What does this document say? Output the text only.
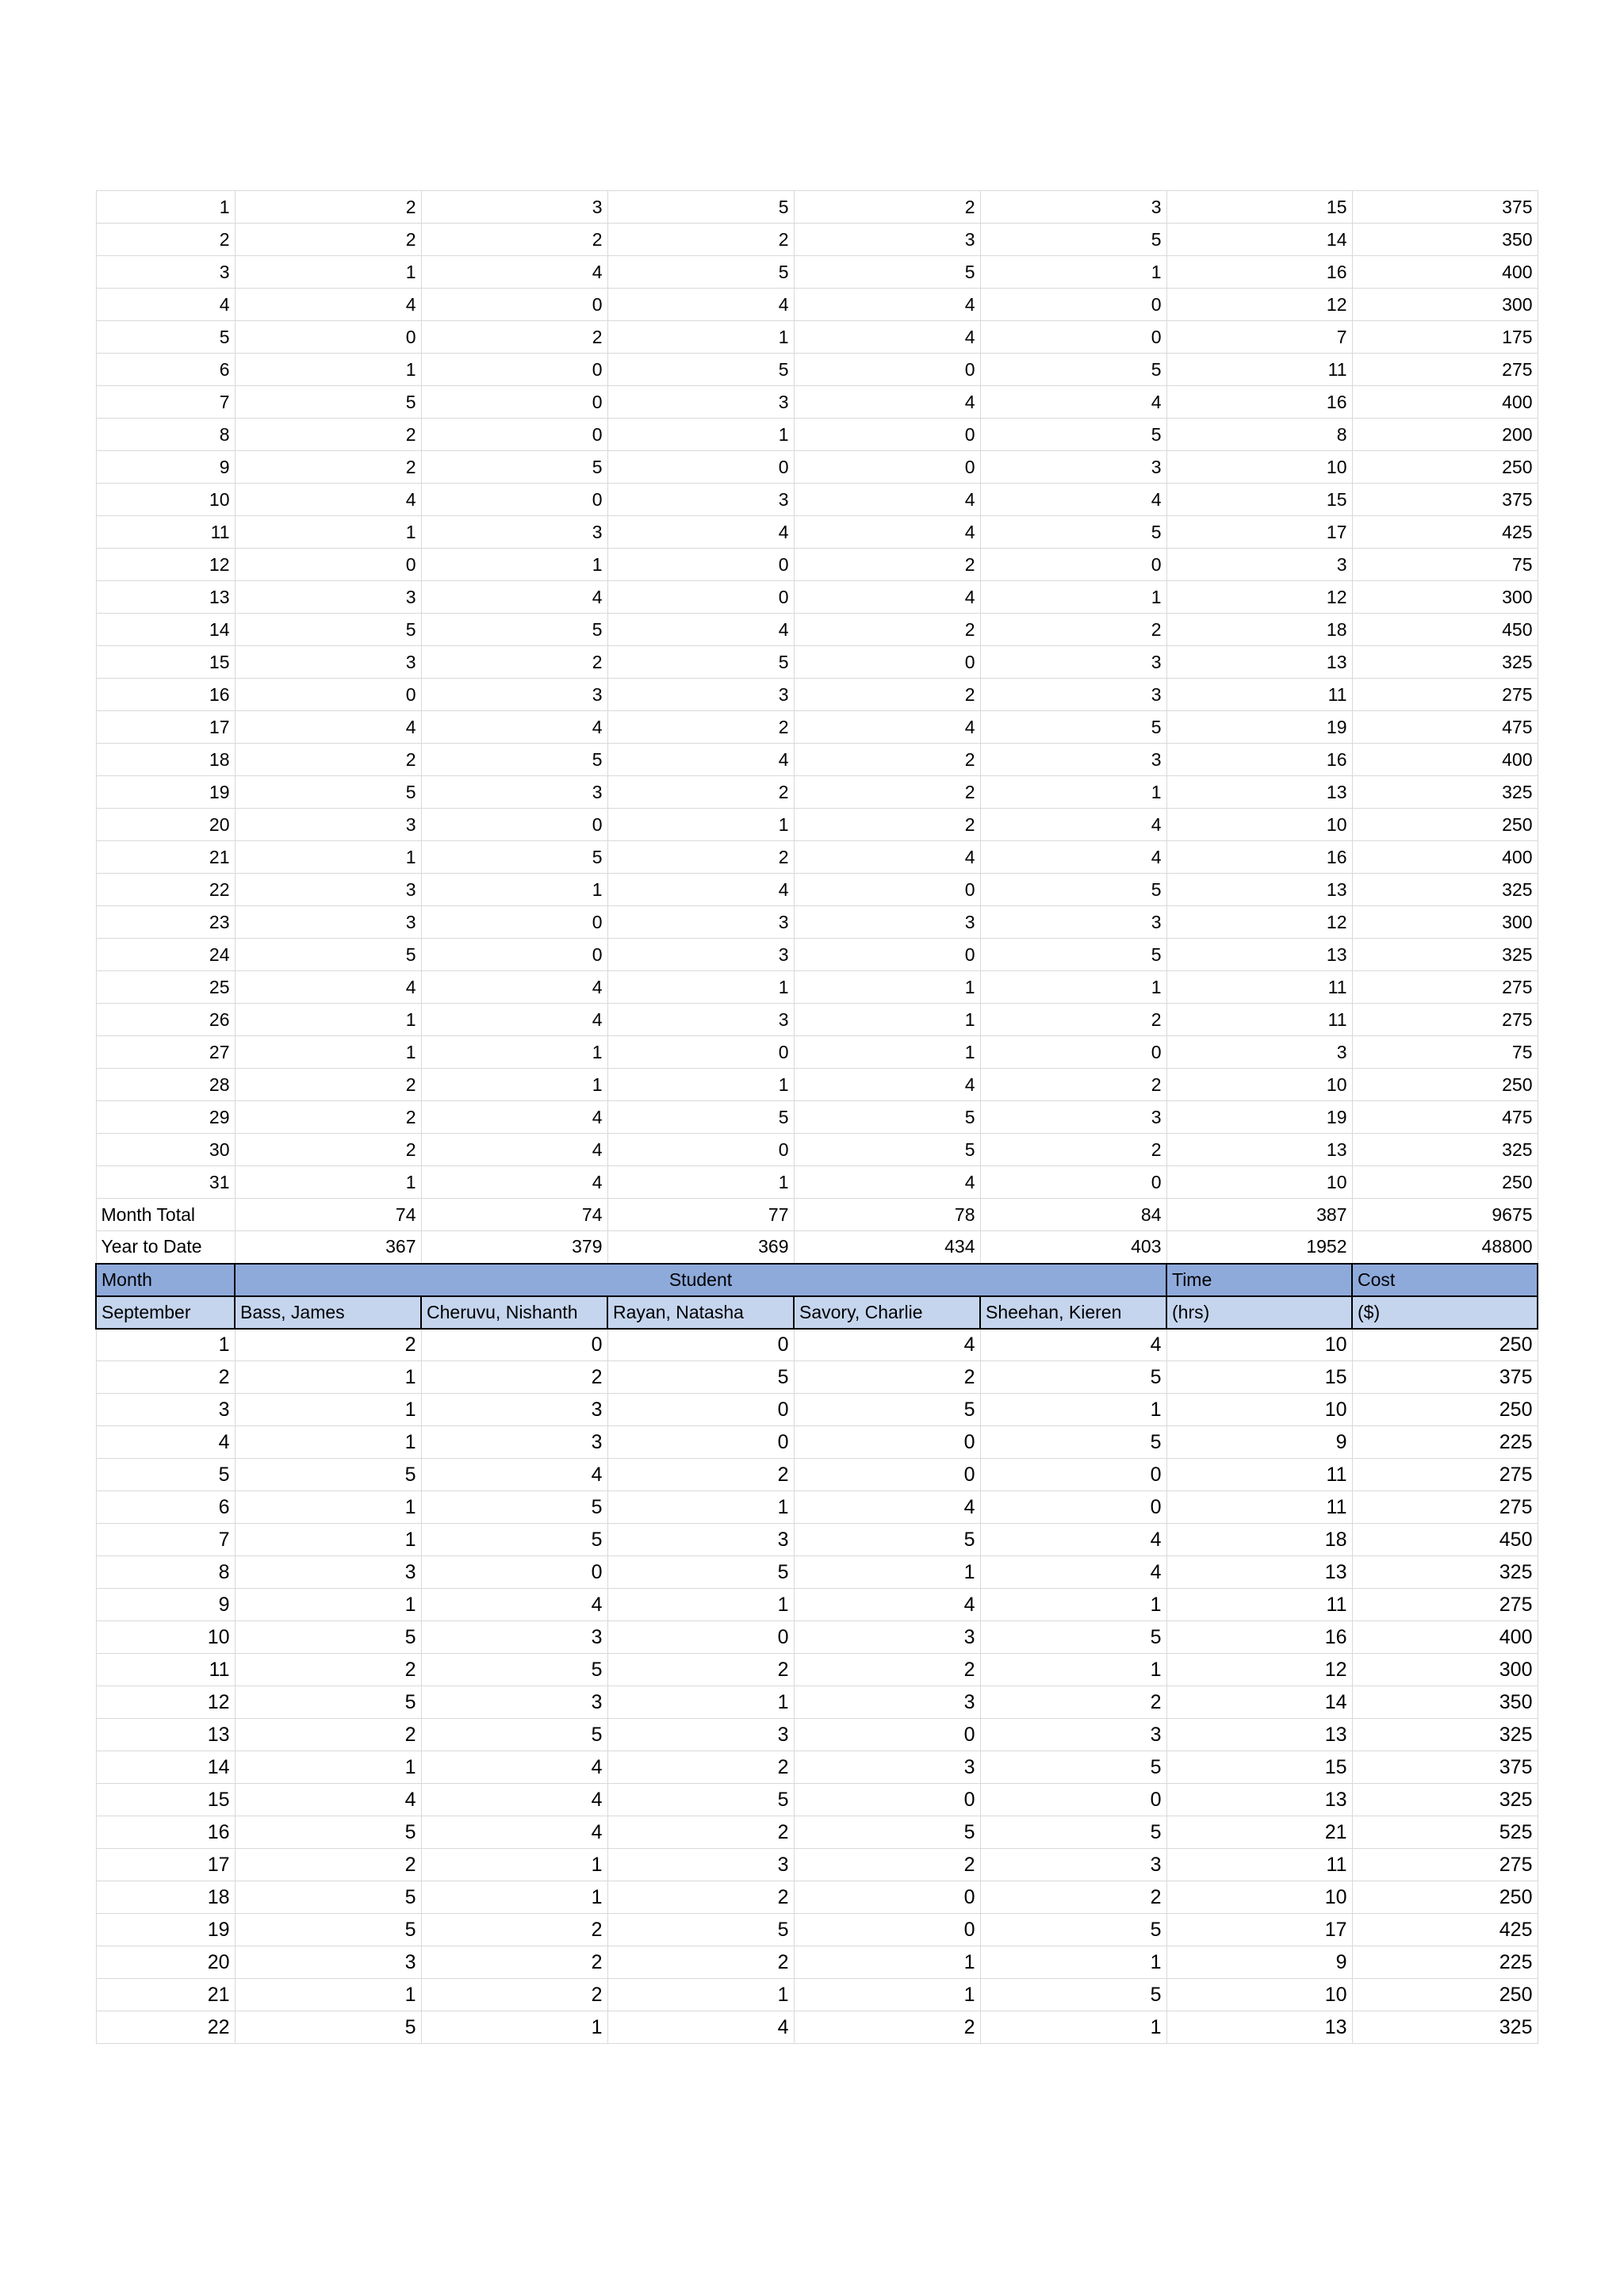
1	2	3	5	2	3	15	375
2	2	2	2	3	5	14	350
3	1	4	5	5	1	16	400
4	4	0	4	4	0	12	300
5	0	2	1	4	0	7	175
6	1	0	5	0	5	11	275
7	5	0	3	4	4	16	400
8	2	0	1	0	5	8	200
9	2	5	0	0	3	10	250
10	4	0	3	4	4	15	375
11	1	3	4	4	5	17	425
12	0	1	0	2	0	3	75
13	3	4	0	4	1	12	300
14	5	5	4	2	2	18	450
15	3	2	5	0	3	13	325
16	0	3	3	2	3	11	275
17	4	4	2	4	5	19	475
18	2	5	4	2	3	16	400
19	5	3	2	2	1	13	325
20	3	0	1	2	4	10	250
21	1	5	2	4	4	16	400
22	3	1	4	0	5	13	325
23	3	0	3	3	3	12	300
24	5	0	3	0	5	13	325
25	4	4	1	1	1	11	275
26	1	4	3	1	2	11	275
27	1	1	0	1	0	3	75
28	2	1	1	4	2	10	250
29	2	4	5	5	3	19	475
30	2	4	0	5	2	13	325
31	1	4	1	4	0	10	250
Month Total	74	74	77	78	84	387	9675
Year to Date	367	379	369	434	403	1952	48800
Month	Student					Time	Cost
September	Bass, James	Cheruvu, Nishanth	Rayan, Natasha	Savory, Charlie	Sheehan, Kieren	(hrs)	($)
1	2	0	0	4	4	10	250
2	1	2	5	2	5	15	375
3	1	3	0	5	1	10	250
4	1	3	0	0	5	9	225
5	5	4	2	0	0	11	275
6	1	5	1	4	0	11	275
7	1	5	3	5	4	18	450
8	3	0	5	1	4	13	325
9	1	4	1	4	1	11	275
10	5	3	0	3	5	16	400
11	2	5	2	2	1	12	300
12	5	3	1	3	2	14	350
13	2	5	3	0	3	13	325
14	1	4	2	3	5	15	375
15	4	4	5	0	0	13	325
16	5	4	2	5	5	21	525
17	2	1	3	2	3	11	275
18	5	1	2	0	2	10	250
19	5	2	5	0	5	17	425
20	3	2	2	1	1	9	225
21	1	2	1	1	5	10	250
22	5	1	4	2	1	13	325
